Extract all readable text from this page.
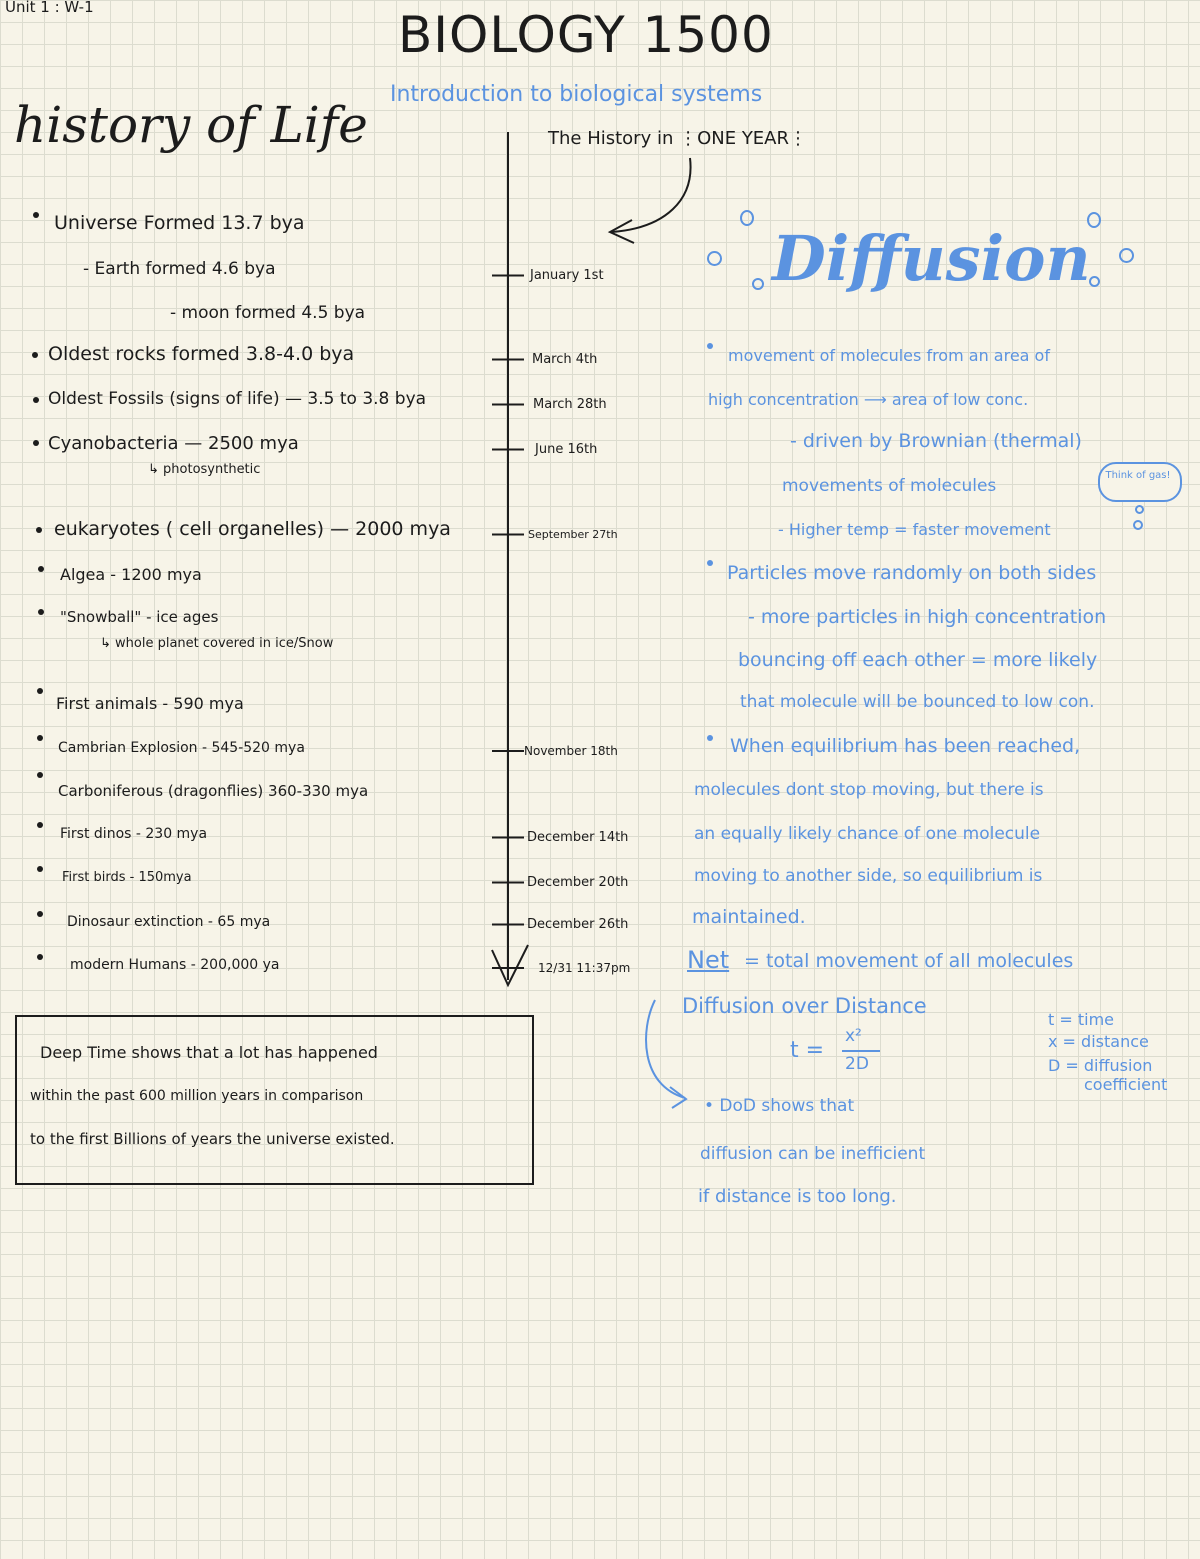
Unit 1 : W-1	BIOLOGY 1500
Introduction to biological systems
history of Life
Universe Formed 13.7 bya
- Earth formed 4.6 bya
- moon formed 4.5 bya
Oldest rocks formed 3.8-4.0 bya
Oldest Fossils (signs of life) — 3.5 to 3.8 bya
Cyanobacteria — 2500 mya
↳ photosynthetic
eukaryotes ( cell organelles) — 2000 mya
Algea - 1200 mya
"Snowball" - ice ages
↳ whole planet covered in ice/Snow
First animals - 590 mya
Cambrian Explosion - 545-520 mya
Carboniferous (dragonflies) 360-330 mya
First dinos - 230 mya
First birds - 150mya
Dinosaur extinction - 65 mya
modern Humans - 200,000 ya
The History in ⋮ONE YEAR⋮
January 1st
March 4th
March 28th
June 16th
September 27th
November 18th
December 14th
December 20th
December 26th
12/31 11:37pm
Deep Time shows that a lot has happened
within the past 600 million years in comparison
to the first Billions of years the universe existed.
Diffusion
Think of gas!
movement of molecules from an area of
high concentration ⟶ area of low conc.
- driven by Brownian (thermal)
movements of molecules
- Higher temp = faster movement
Particles move randomly on both sides
- more particles in high concentration
bouncing off each other = more likely
that molecule will be bounced to low con.
When equilibrium has been reached,
molecules dont stop moving, but there is
an equally likely chance of one molecule
moving to another side, so equilibrium is
maintained.
Net = total movement of all molecules
Diffusion over Distance
t =
x²
2D
t = time
x = distance
D = diffusion
coefficient
• DoD shows that
diffusion can be inefficient
if distance is too long.
